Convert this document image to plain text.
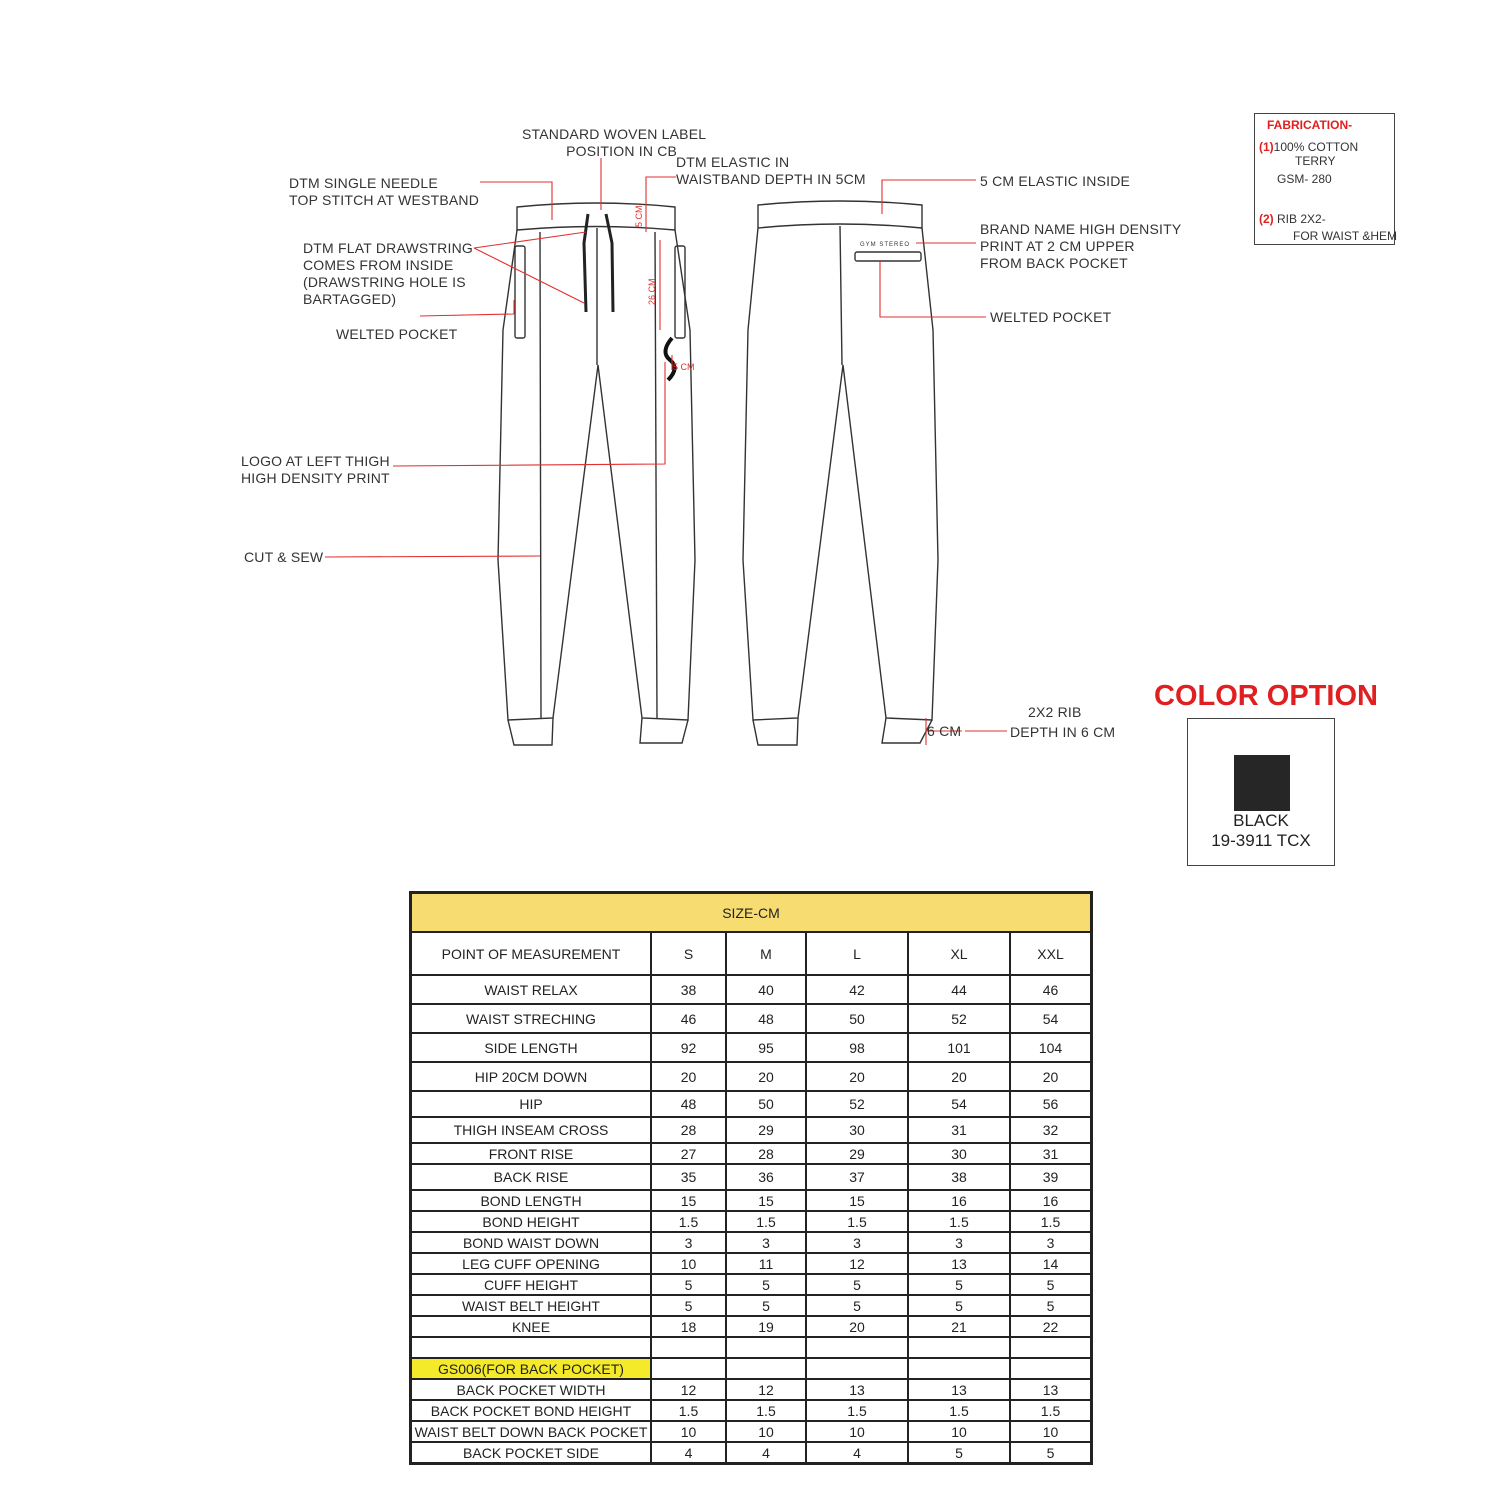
GYM STEREO
5 CM
26 CM
5 CM
STANDARD WOVEN LABEL
POSITION IN CB
DTM ELASTIC IN
WAISTBAND DEPTH IN 5CM
DTM SINGLE NEEDLE
TOP STITCH AT WESTBAND
DTM FLAT DRAWSTRING
COMES FROM INSIDE
(DRAWSTRING HOLE IS
BARTAGGED)
WELTED POCKET
LOGO AT LEFT THIGH
HIGH DENSITY PRINT
CUT & SEW
5 CM ELASTIC INSIDE
BRAND NAME HIGH DENSITY
PRINT AT 2 CM UPPER
FROM BACK POCKET
WELTED POCKET
2X2 RIB
DEPTH IN 6 CM
6 CM
FABRICATION-
(1)100% COTTON
TERRY
GSM- 280
(2) RIB 2X2-
FOR WAIST &HEM
COLOR OPTION
BLACK
19-3911 TCX
SIZE-CM					
POINT OF MEASUREMENT	S	M	L	XL	XXL
WAIST RELAX	38	40	42	44	46
WAIST STRECHING	46	48	50	52	54
SIDE LENGTH	92	95	98	101	104
HIP 20CM DOWN	20	20	20	20	20
HIP	48	50	52	54	56
THIGH INSEAM CROSS	28	29	30	31	32
FRONT RISE	27	28	29	30	31
BACK RISE	35	36	37	38	39
BOND LENGTH	15	15	15	16	16
BOND HEIGHT	1.5	1.5	1.5	1.5	1.5
BOND WAIST DOWN	3	3	3	3	3
LEG CUFF OPENING	10	11	12	13	14
CUFF HEIGHT	5	5	5	5	5
WAIST BELT HEIGHT	5	5	5	5	5
KNEE	18	19	20	21	22

GS006(FOR BACK POCKET)					
BACK POCKET WIDTH	12	12	13	13	13
BACK POCKET BOND HEIGHT	1.5	1.5	1.5	1.5	1.5
WAIST BELT DOWN BACK POCKET	10	10	10	10	10
BACK POCKET SIDE	4	4	4	5	5
